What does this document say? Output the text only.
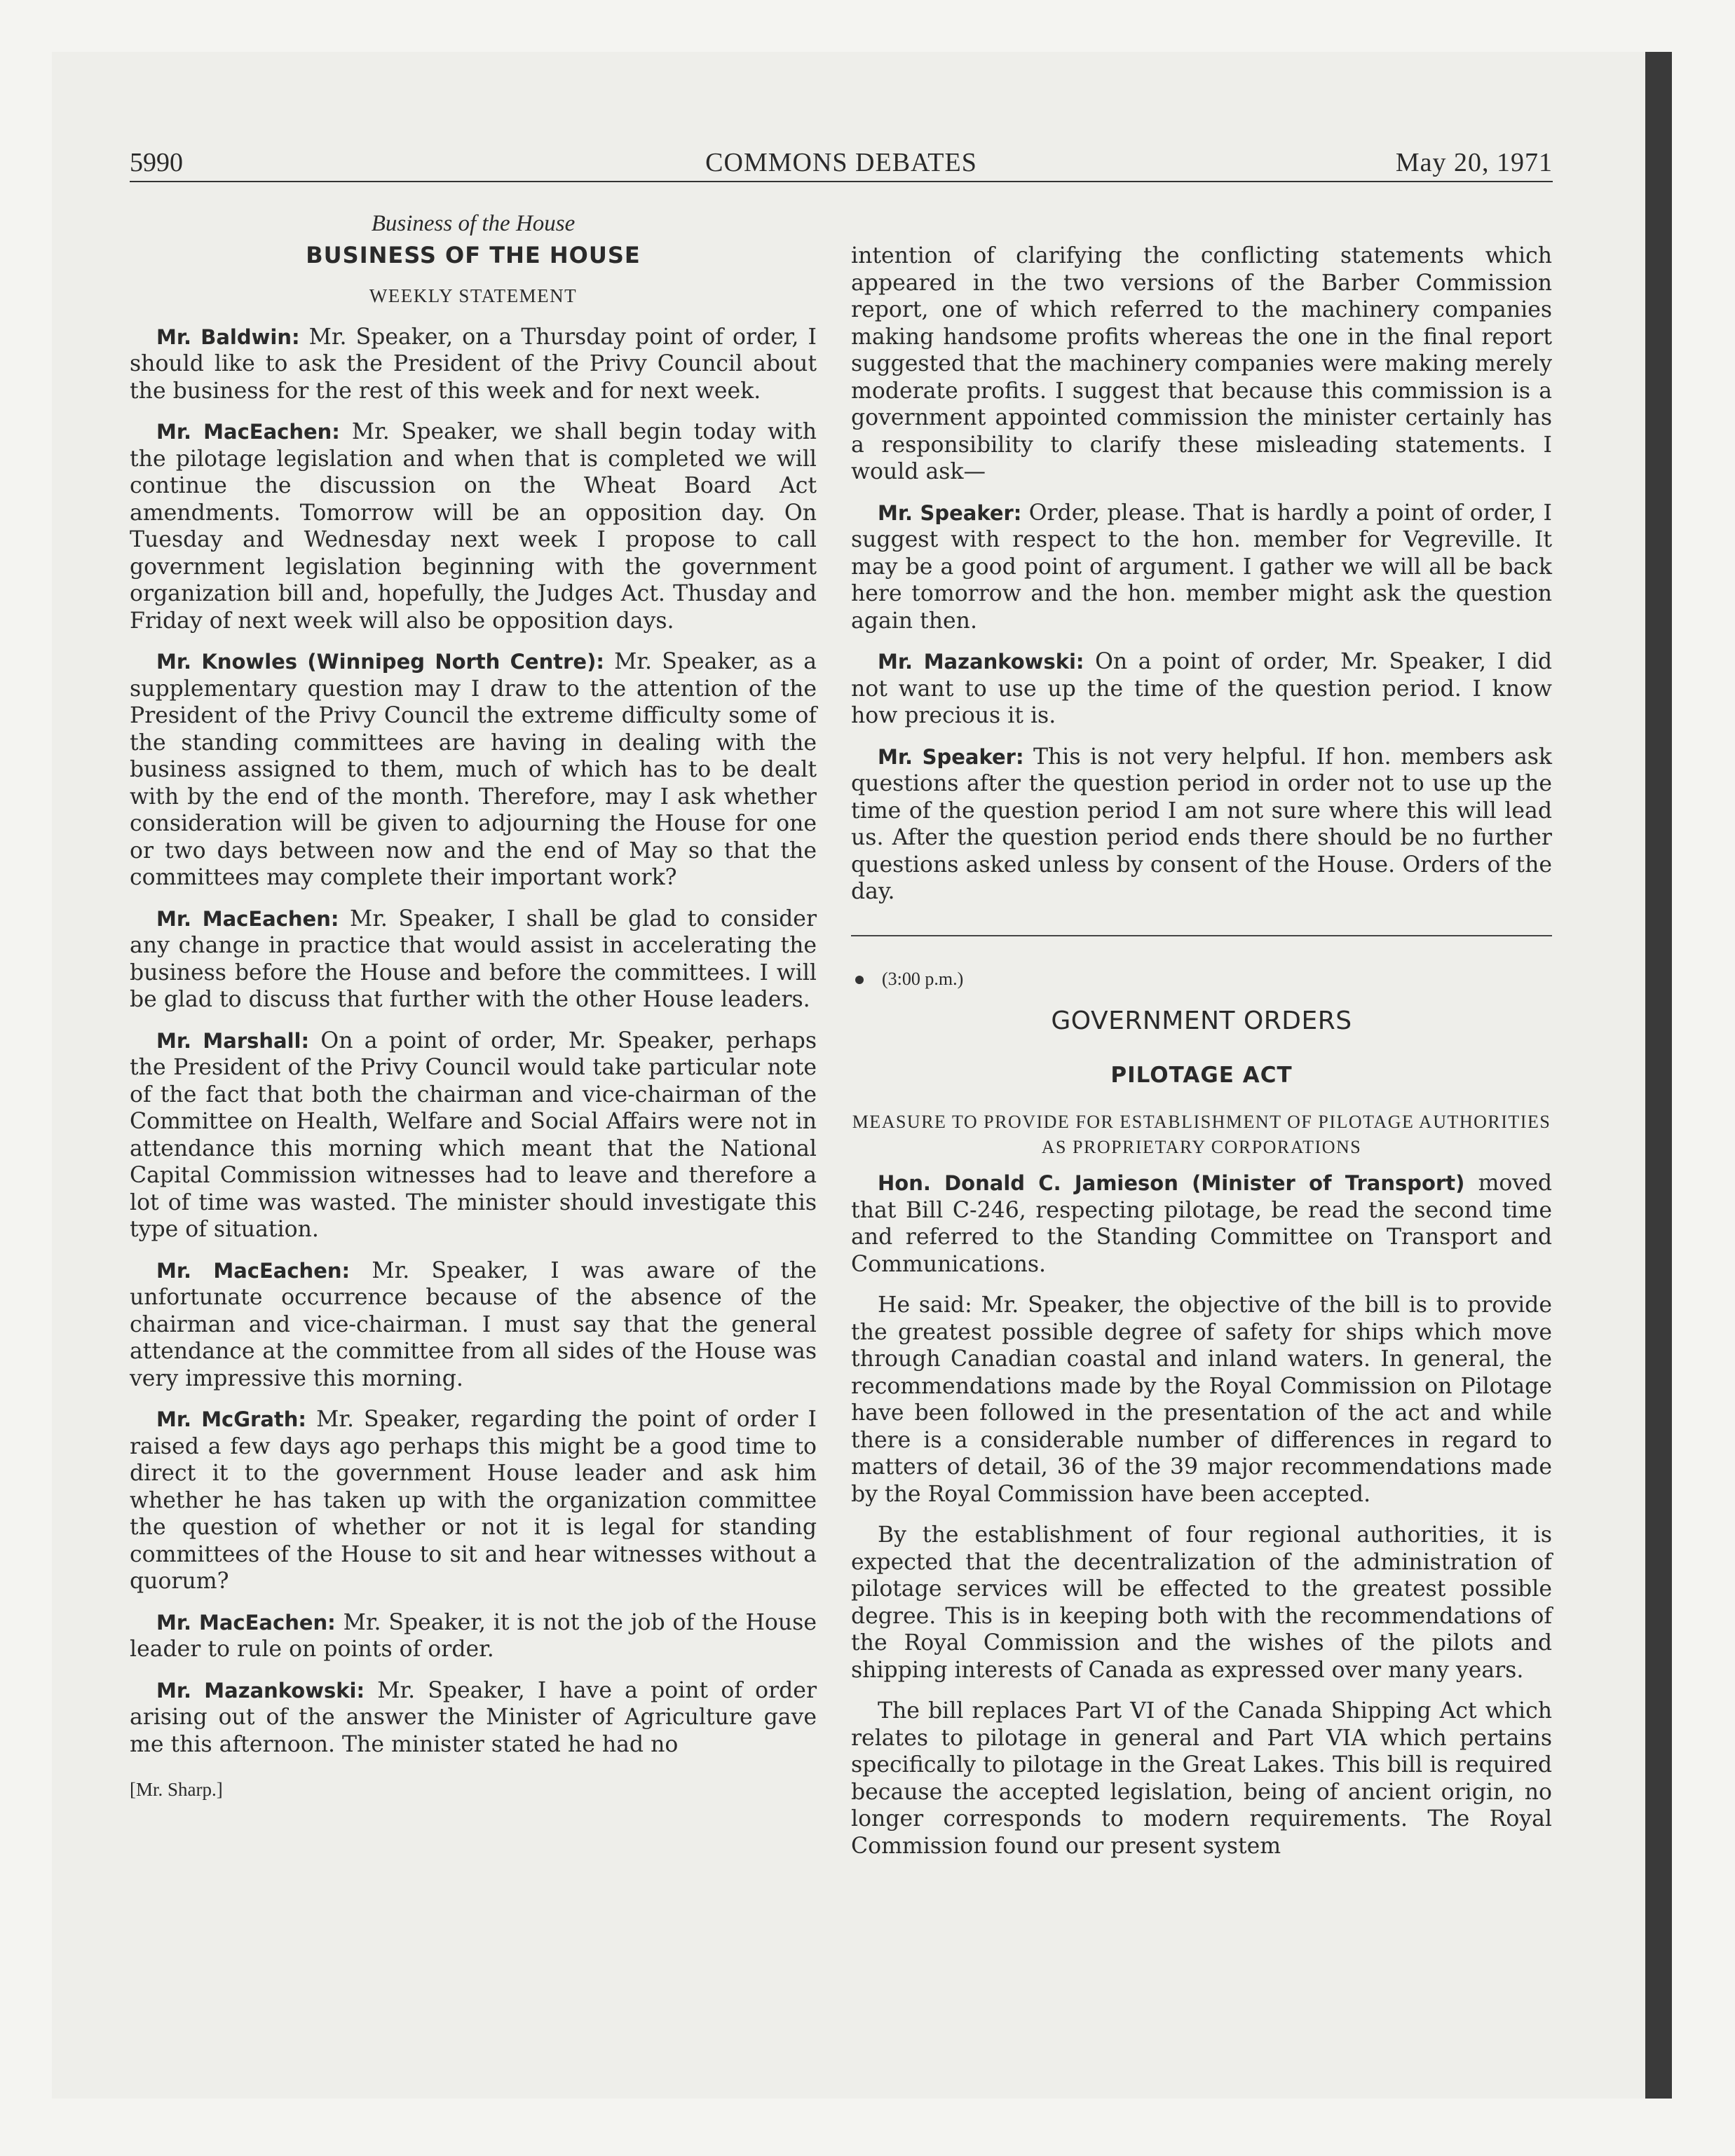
5990	COMMONS DEBATES	May 20, 1971
Business of the House
BUSINESS OF THE HOUSE
WEEKLY STATEMENT

Mr. Baldwin: Mr. Speaker, on a Thursday point of order, I should like to ask the President of the Privy Council about the business for the rest of this week and for next week.

Mr. MacEachen: Mr. Speaker, we shall begin today with the pilotage legislation and when that is completed we will continue the discussion on the Wheat Board Act amendments. Tomorrow will be an opposition day. On Tuesday and Wednesday next week I propose to call government legislation beginning with the government organization bill and, hopefully, the Judges Act. Thusday and Friday of next week will also be opposition days.

Mr. Knowles (Winnipeg North Centre): Mr. Speaker, as a supplementary question may I draw to the attention of the President of the Privy Council the extreme difficulty some of the standing committees are having in dealing with the business assigned to them, much of which has to be dealt with by the end of the month. Therefore, may I ask whether consideration will be given to adjourning the House for one or two days between now and the end of May so that the committees may complete their important work?

Mr. MacEachen: Mr. Speaker, I shall be glad to consider any change in practice that would assist in accelerating the business before the House and before the committees. I will be glad to discuss that further with the other House leaders.

Mr. Marshall: On a point of order, Mr. Speaker, perhaps the President of the Privy Council would take particular note of the fact that both the chairman and vice-chairman of the Committee on Health, Welfare and Social Affairs were not in attendance this morning which meant that the National Capital Commission witnesses had to leave and therefore a lot of time was wasted. The minister should investigate this type of situation.

Mr. MacEachen: Mr. Speaker, I was aware of the unfortunate occurrence because of the absence of the chairman and vice-chairman. I must say that the general attendance at the committee from all sides of the House was very impressive this morning.

Mr. McGrath: Mr. Speaker, regarding the point of order I raised a few days ago perhaps this might be a good time to direct it to the government House leader and ask him whether he has taken up with the organization committee the question of whether or not it is legal for standing committees of the House to sit and hear witnesses without a quorum?

Mr. MacEachen: Mr. Speaker, it is not the job of the House leader to rule on points of order.

Mr. Mazankowski: Mr. Speaker, I have a point of order arising out of the answer the Minister of Agriculture gave me this afternoon. The minister stated he had no

[Mr. Sharp.]

intention of clarifying the conflicting statements which appeared in the two versions of the Barber Commission report, one of which referred to the machinery companies making handsome profits whereas the one in the final report suggested that the machinery companies were making merely moderate profits. I suggest that because this commission is a government appointed commission the minister certainly has a responsibility to clarify these misleading statements. I would ask—

Mr. Speaker: Order, please. That is hardly a point of order, I suggest with respect to the hon. member for Vegreville. It may be a good point of argument. I gather we will all be back here tomorrow and the hon. member might ask the question again then.

Mr. Mazankowski: On a point of order, Mr. Speaker, I did not want to use up the time of the question period. I know how precious it is.

Mr. Speaker: This is not very helpful. If hon. members ask questions after the question period in order not to use up the time of the question period I am not sure where this will lead us. After the question period ends there should be no further questions asked unless by consent of the House. Orders of the day.

(3:00 p.m.)
GOVERNMENT ORDERS
PILOTAGE ACT
MEASURE TO PROVIDE FOR ESTABLISHMENT OF PILOTAGE AUTHORITIES AS PROPRIETARY CORPORATIONS

Hon. Donald C. Jamieson (Minister of Transport) moved that Bill C-246, respecting pilotage, be read the second time and referred to the Standing Committee on Transport and Communications.

He said: Mr. Speaker, the objective of the bill is to provide the greatest possible degree of safety for ships which move through Canadian coastal and inland waters. In general, the recommendations made by the Royal Commission on Pilotage have been followed in the presentation of the act and while there is a considerable number of differences in regard to matters of detail, 36 of the 39 major recommendations made by the Royal Commission have been accepted.

By the establishment of four regional authorities, it is expected that the decentralization of the administration of pilotage services will be effected to the greatest possible degree. This is in keeping both with the recommendations of the Royal Commission and the wishes of the pilots and shipping interests of Canada as expressed over many years.

The bill replaces Part VI of the Canada Shipping Act which relates to pilotage in general and Part VIA which pertains specifically to pilotage in the Great Lakes. This bill is required because the accepted legislation, being of ancient origin, no longer corresponds to modern requirements. The Royal Commission found our present system
